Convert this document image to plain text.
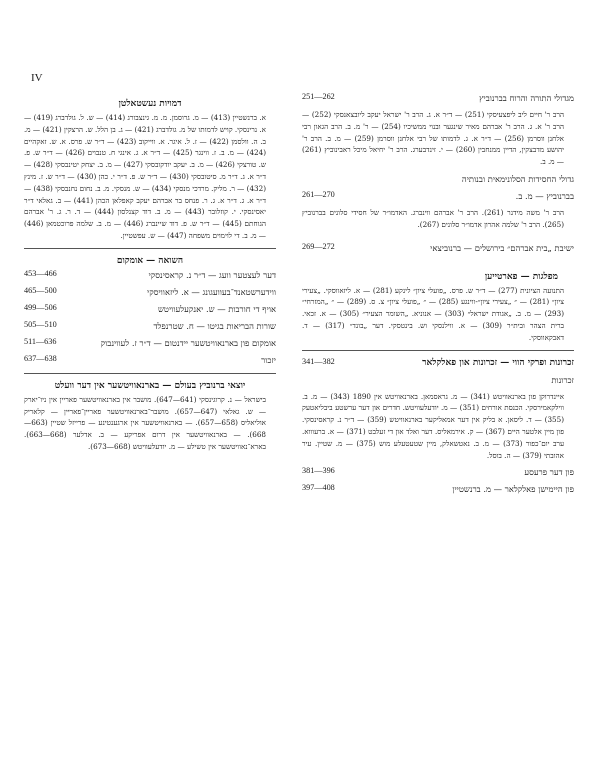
IV
251—262	מגדולי התורה והרוח בברנוביץ
הרב ר' חיים ליב ליפצעיסקי (251) — ד״ר א. ג. הרב ר' ישראל יעקב ליובצאנסקי (252) — הרב ר' א. ג. הרב ר' אברהם מאיר שינגער ובנוי ממשיכיו (254) — ר' מ. ב. הרב הגאון רבי אלחנן ווסרמן (256) — ד״ר א. ג. לדמותו של רבי אלחנן ווסרמן (259) — מ. ב. הרב ר' יהושע מדבצקין, הדיין ממנחבין (260) — י. זינדבערג. הרב ר' יחיאל מיכל ראבינוביץ (261) — מ. ב.
גדולי החסידות הסלונימאית ובנותיה
261—270	בברנוביץ — מ. ב.
הרב ר' משה מידנר (261). הרב ר' אברהם ווינברג. האדמו״ר של חסידי סלונים בברנוביץ (265). הרב ר' שלמה אהרון אדמו״ר סלונים (267).
269—272	ישיבת „בית אברהם״ בירושלים — ברנוביצאי
מפלגות — פארטייען
התנועה הציונית (277) — ד״ר ש. פרס. „פועלי ציון״ לינקע (281) — א. ליזאווסקי. „צעירי ציון״ (281) — ״ „צעירי ציון״-ווינגע (285) — ״ „פועלי ציון״ צ. ס. (289) — ״ „המזרחי״ (293) — מ. ב. „אגודת ישראל״ (303) — אנוניא. „השומר הצעיר״ (305) — א. זכאי. ברית הצהר ובית״ר (309) — א. ווילנסקי וש. בינטסקי. דער „בונד״ (317) — ד. דאבקאווסקי.
341—382	זכרונות ופרקי הווי — זכרונות און פאלקלאר
זכרונות
איינדרוקן פון בארנאוויטש (341) — מ. גראסמאן. בארנאוויטש אין 1890 (343) — מ. ב. ווילקאמירסקי. הכנסת אורחים (351) — מ. יודעלעוויטש. חדרים און דער ערשטע ביבליאטעק (355) — ד. ליסאן. א בליק אין דער אמאליקער בארנאוויטש (359) — ד״ר נ. קראסינסקי. פון מיין אלטער היים (367) — ק. אירמאליס. דער ואלד און די זעלבט (371) — א. ברעוווא. ערב יום־כפור (373) — מ. ב. נאטשאלק, מיין שטעטעלע מוש (375) — מ. שטיין. עיר אהובתי (379) — ה. בוסל.
381—396	פון דער פרעסע
397—408	פון היימישן פאלקלאר — מ. ברנשטיין
דמויות נעשטאלטן
א. ברנשטיין (413) — מ. גרוסמן. מ. מ. גינצבורג (414) — ש. ל. גולדברג (419) — א. נרינסקי. קויש לדמותו של מ. גולדברג (421) — ג. בן הלל. ש. הרצקין (421) — מ. ב. ה. וולסמן (422) — ז. ל. איגר. א. ווייקוב (423) — ד״ר ש. פרס. א. ש. זאקהיים (424) — מ. ב. ז. ווינגר (425) — ד״ר א. ג. אינגי ח. טנבוים (426) — ד״ר ש. פ. ש. טורצקי (426) — מ. ב. יעקב יודקובסקי (427) — מ. ב. יצחק יטינבסקי (428) — ד״ר א. ג. ד״ר מ. סיטובסקי (430) — ד״ר ש. פ. ד״ר י. כהן (430) — ד״ר ש. ז. מינץ (432) — ר. מליק. מרדכי מנסקי (434) — ש. מנסקי. מ. ב. נחום נחנבסקי (438) — ד״ר א. ג. ד״ר א. ג. ר. פנחס בר אברהם יעקב קאפלאן הכהן (441) — ב. גאלאי ד״ר יאסינסקי. י. קוזלובר (443) — מ. ב. דוד קצנלסון (444) — ד. ר. ג. ר' אברהם הגוחתם (445) — ד״ר ש. פ. דוד שיינברג (446) — מ. ב. שלמה פרוכטמאן (446) — מ. ב. די לוימוים משפחה (447) — ש. עפשטיין.
השואה — אומקום
453—466	דער לעצטער וועג — ד״ר נ. קראסינסקי
465—500	ווידערשטאנד־בעוועגונג — א. ליזאוויסקי
499—506	אויף די חורבות — ש. יאנקעלעוויטש
505—510	שורות הבריאות בגיטו — ח. שטרנפלד
511—636	אומקום פון בארנאוויטשער יידנטום — ד״ר ז. לעווינבוק
637—638	יזכור
יוצאי ברנוביץ בעולם — בארנאוויטשער אין דער וועלט
בישראל — נ. קרוגינסקי (641—647). מושבר אין בארנאוויטשער פאריין אין ניו־יארק — ש. גאלאי (647—657). מושבר־בארנאוויטשער פאריין־פאריין — קלאריק אוליאליס (658—657). — בארנאוויטשער אין ארגענטינע — פרייזל שטיין (663—668). — בארנאוויטשער אין דרום אפריקע — ב. אדלער (668—663). בארא־נאוויטשער אין טשילע — מ. יודעלעוויטש (668—673).
